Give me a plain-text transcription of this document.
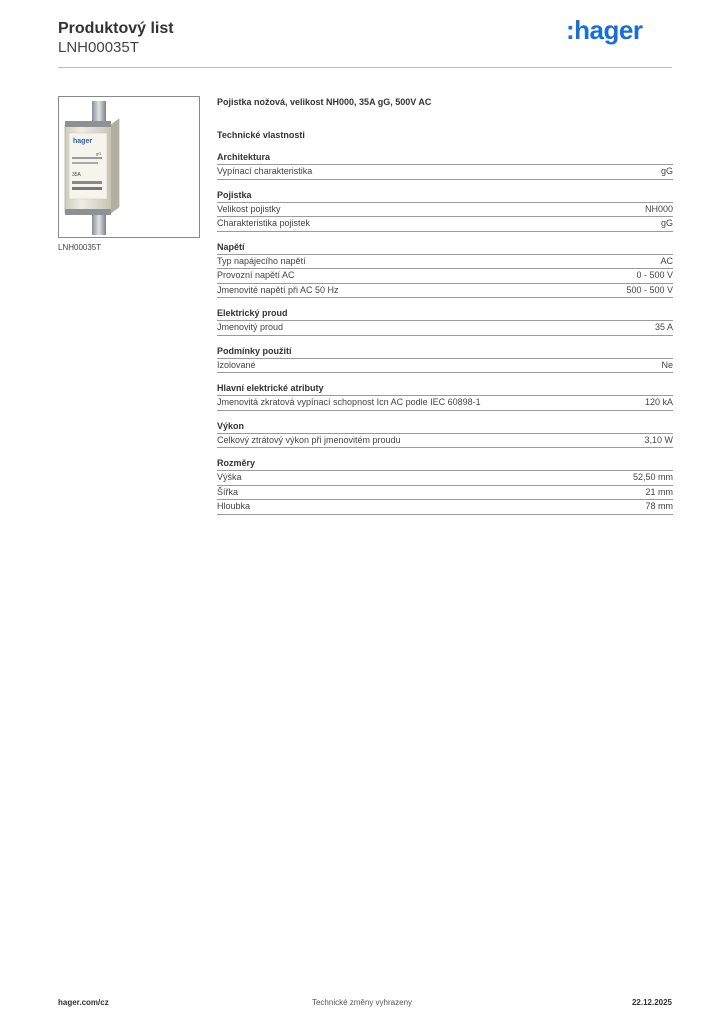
Produktový list
LNH00035T
:hager
hager
gG
35A
LNH00035T
Pojistka nožová, velikost NH000, 35A gG, 500V AC
Technické vlastnosti
Architektura
Vypínací charakteristika	gG
Pojistka
Velikost pojistky	NH000
Charakteristika pojistek	gG
Napětí
Typ napájecího napětí	AC
Provozní napětí AC	0 - 500 V
Jmenovité napětí při AC 50 Hz	500 - 500 V
Elektrický proud
Jmenovitý proud	35 A
Podmínky použití
Izolované	Ne
Hlavní elektrické atributy
Jmenovitá zkratová vypínací schopnost Icn AC podle IEC 60898-1	120 kA
Výkon
Celkový ztrátový výkon při jmenovitém proudu	3,10 W
Rozměry
Výška	52,50 mm
Šířka	21 mm
Hloubka	78 mm
hager.com/cz	Technické změny vyhrazeny	22.12.2025
